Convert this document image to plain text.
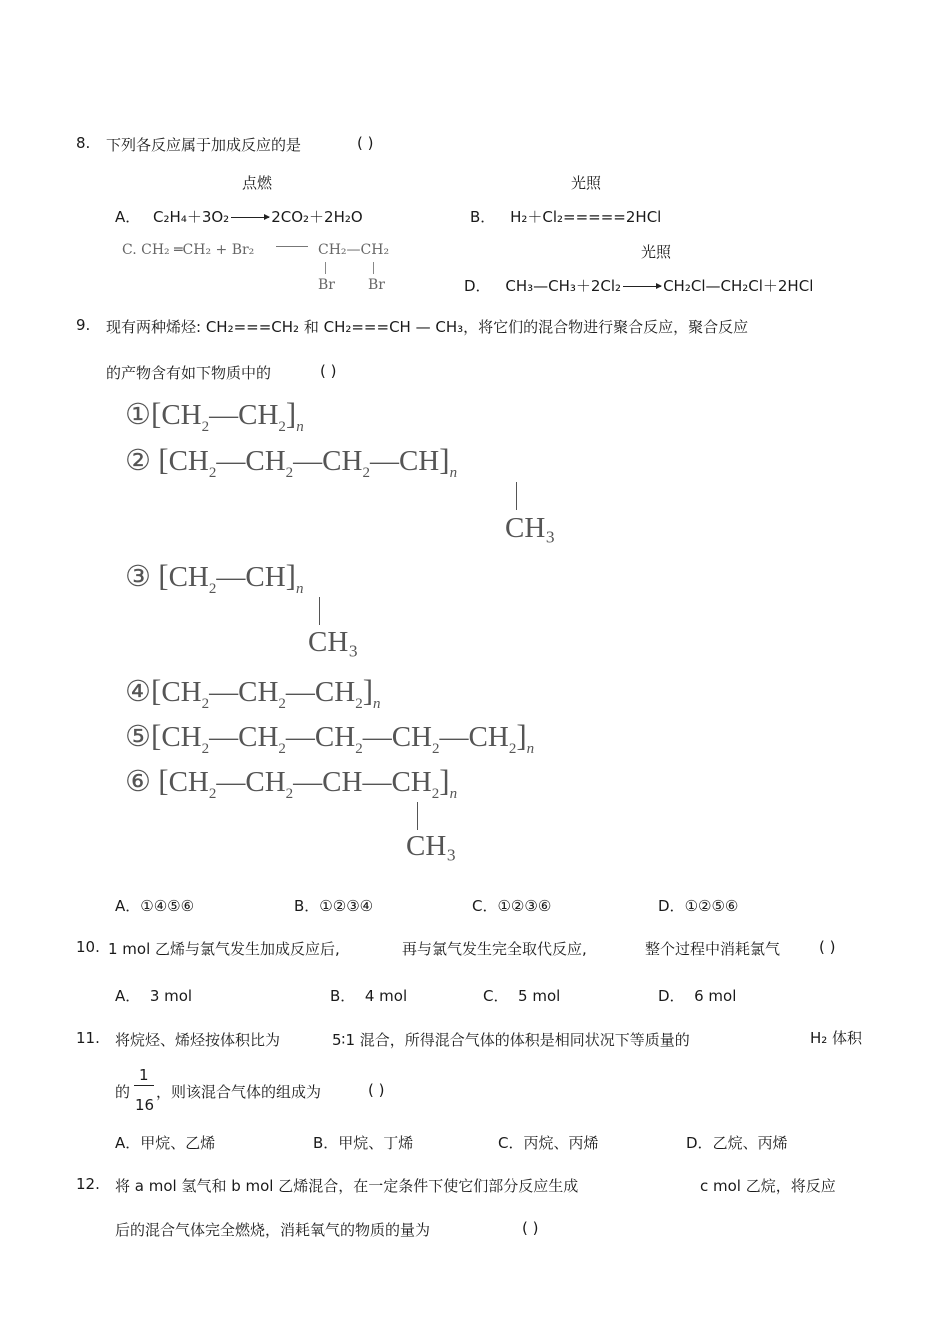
8. 下列各反应属于加成反应的是	( )
点燃	光照
A． C₂H₄＋3O₂ → 2CO₂＋2H₂O	B． H₂＋Cl₂=====2HCl
C. CH₂ ═CH₂ + Br₂	CH₂—CH₂
Br Br
光照
D． CH₃—CH₃＋2Cl₂ → CH₂Cl—CH₂Cl＋2HCl
9. 现有两种烯烃: CH₂===CH₂ 和 CH₂===CH — CH₃，将它们的混合物进行聚合反应，聚合反应
的产物含有如下物质中的	( )
$①[CH_2—CH_2]_n$
② $[CH_2—CH_2—CH_2—CH]_n$
CH₃
③ $[CH_2—CH]_n$
CH₃
$④[CH_2—CH_2—CH_2]_n$
$⑤[CH_2—CH_2—CH_2—CH_2—CH_2]_n$
⑥ $[CH_2—CH_2—CH—CH_2]_n$
CH₃
A．①④⑤⑥	B．①②③④	C．①②③⑥	D．①②⑤⑥
10. 1 mol 乙烯与氯气发生加成反应后,	再与氯气发生完全取代反应,	整个过程中消耗氯气	( )
A． 3 mol	B． 4 mol	C． 5 mol	D． 6 mol
11. 将烷烃、烯烃按体积比为	5∶1 混合，所得混合气体的体积是相同状况下等质量的	H₂ 体积
的
1
16
，则该混合气体的组成为	( )
A．甲烷、乙烯	B．甲烷、丁烯	C．丙烷、丙烯	D．乙烷、丙烯
12. 将 a mol 氢气和 b mol 乙烯混合，在一定条件下使它们部分反应生成	c mol 乙烷，将反应
后的混合气体完全燃烧，消耗氧气的物质的量为	( )
